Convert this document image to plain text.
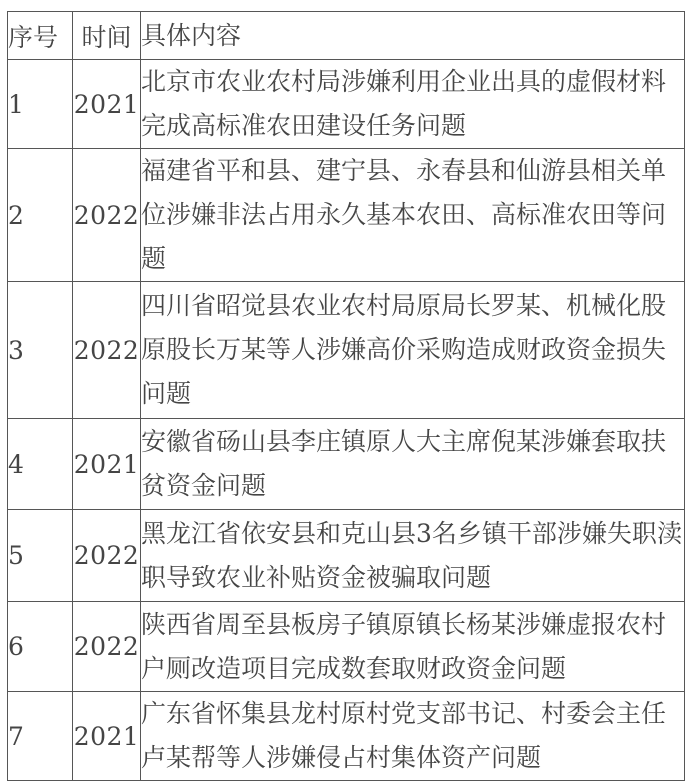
序号	时间	具体内容
1	2021	北京市农业农村局涉嫌利用企业出具的虚假材料完成高标准农田建设任务问题
2	2022	福建省平和县、建宁县、永春县和仙游县相关单位涉嫌非法占用永久基本农田、高标准农田等问题
3	2022	四川省昭觉县农业农村局原局长罗某、机械化股原股长万某等人涉嫌高价采购造成财政资金损失问题
4	2021	安徽省砀山县李庄镇原人大主席倪某涉嫌套取扶贫资金问题
5	2022	黑龙江省依安县和克山县3名乡镇干部涉嫌失职渎职导致农业补贴资金被骗取问题
6	2022	陕西省周至县板房子镇原镇长杨某涉嫌虚报农村户厕改造项目完成数套取财政资金问题
7	2021	广东省怀集县龙村原村党支部书记、村委会主任卢某帮等人涉嫌侵占村集体资产问题
